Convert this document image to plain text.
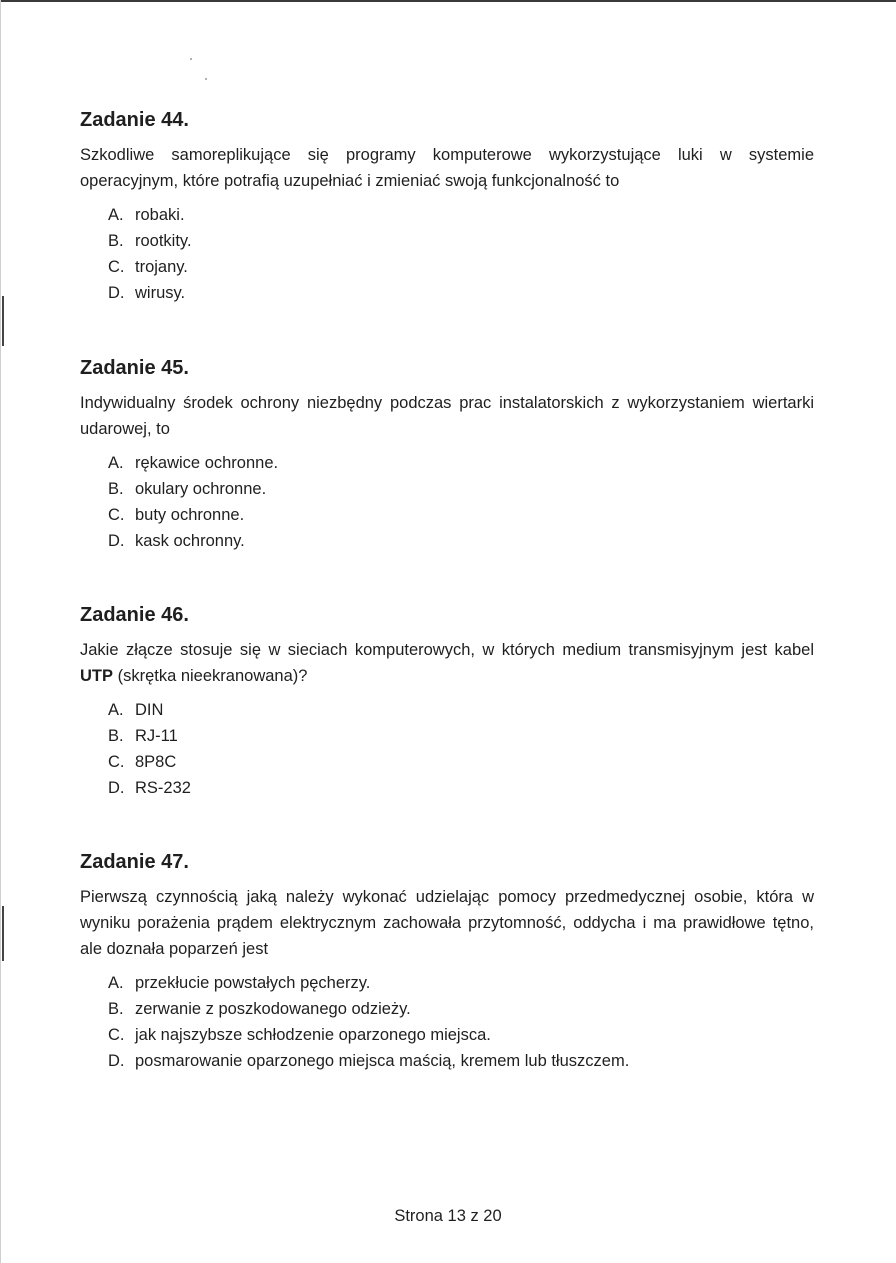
Zadanie 44.

Szkodliwe samoreplikujące się programy komputerowe wykorzystujące luki w systemie operacyjnym, które potrafią uzupełniać i zmieniać swoją funkcjonalność to

A. robaki.
B. rootkity.
C. trojany.
D. wirusy.
Zadanie 45.

Indywidualny środek ochrony niezbędny podczas prac instalatorskich z wykorzystaniem wiertarki udarowej, to

A. rękawice ochronne.
B. okulary ochronne.
C. buty ochronne.
D. kask ochronny.
Zadanie 46.

Jakie złącze stosuje się w sieciach komputerowych, w których medium transmisyjnym jest kabel UTP (skrętka nieekranowana)?

A. DIN
B. RJ-11
C. 8P8C
D. RS-232
Zadanie 47.

Pierwszą czynnością jaką należy wykonać udzielając pomocy przedmedycznej osobie, która w wyniku porażenia prądem elektrycznym zachowała przytomność, oddycha i ma prawidłowe tętno, ale doznała poparzeń jest

A. przekłucie powstałych pęcherzy.
B. zerwanie z poszkodowanego odzieży.
C. jak najszybsze schłodzenie oparzonego miejsca.
D. posmarowanie oparzonego miejsca maścią, kremem lub tłuszczem.
Strona 13 z 20
